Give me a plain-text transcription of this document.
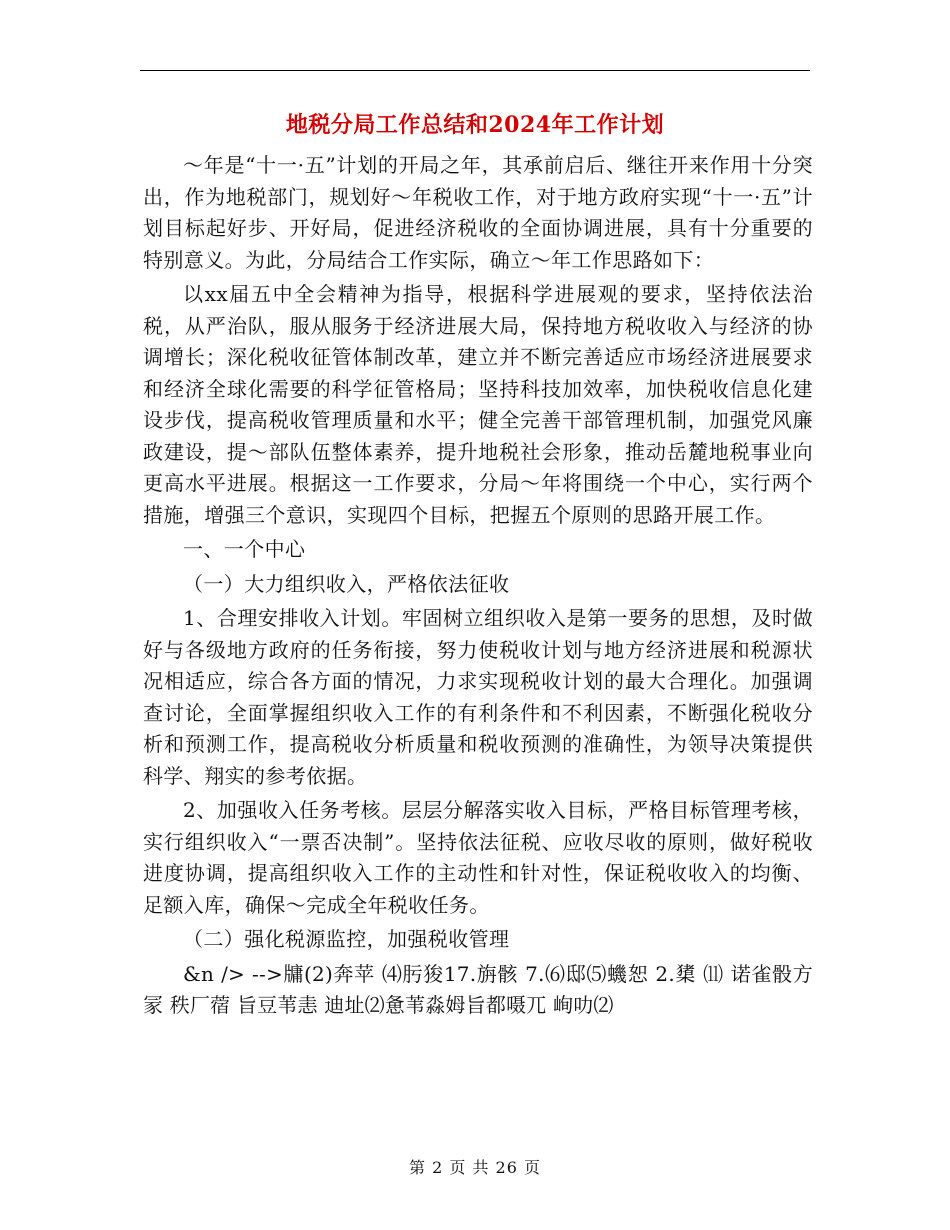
地税分局工作总结和2024年工作计划

～年是“十一·五”计划的开局之年，其承前启后、继往开来作用十分突出，作为地税部门，规划好～年税收工作，对于地方政府实现“十一·五”计划目标起好步、开好局，促进经济税收的全面协调进展，具有十分重要的特别意义。为此，分局结合工作实际，确立～年工作思路如下：

以xx届五中全会精神为指导，根据科学进展观的要求，坚持依法治税，从严治队，服从服务于经济进展大局，保持地方税收收入与经济的协调增长；深化税收征管体制改革，建立并不断完善适应市场经济进展要求和经济全球化需要的科学征管格局；坚持科技加效率，加快税收信息化建设步伐，提高税收管理质量和水平；健全完善干部管理机制，加强党风廉政建设，提～部队伍整体素养，提升地税社会形象，推动岳麓地税事业向更高水平进展。根据这一工作要求，分局～年将围绕一个中心，实行两个措施，增强三个意识，实现四个目标，把握五个原则的思路开展工作。

一、一个中心

（一）大力组织收入，严格依法征收

1、合理安排收入计划。牢固树立组织收入是第一要务的思想，及时做好与各级地方政府的任务衔接，努力使税收计划与地方经济进展和税源状况相适应，综合各方面的情况，力求实现税收计划的最大合理化。加强调查讨论，全面掌握组织收入工作的有利条件和不利因素，不断强化税收分析和预测工作，提高税收分析质量和税收预测的准确性，为领导决策提供科学、翔实的参考依据。

2、加强收入任务考核。层层分解落实收入目标，严格目标管理考核，实行组织收入“一票否决制”。坚持依法征税、应收尽收的原则，做好税收进度协调，提高组织收入工作的主动性和针对性，保证税收收入的均衡、足额入库，确保～完成全年税收任务。

（二）强化税源监控，加强税收管理

&n /> -->牗(2)奔苹 ⑷肟狻17.旃骸 7.⑹邸⑸蟣恕 2.橥 ⑾ 诺雀骰方冡 秩厂蓿 旨豆苇恚 迪址⑵惫苇淼姆旨都嗫兀 峋叻⑵

第 2 页 共 26 页
